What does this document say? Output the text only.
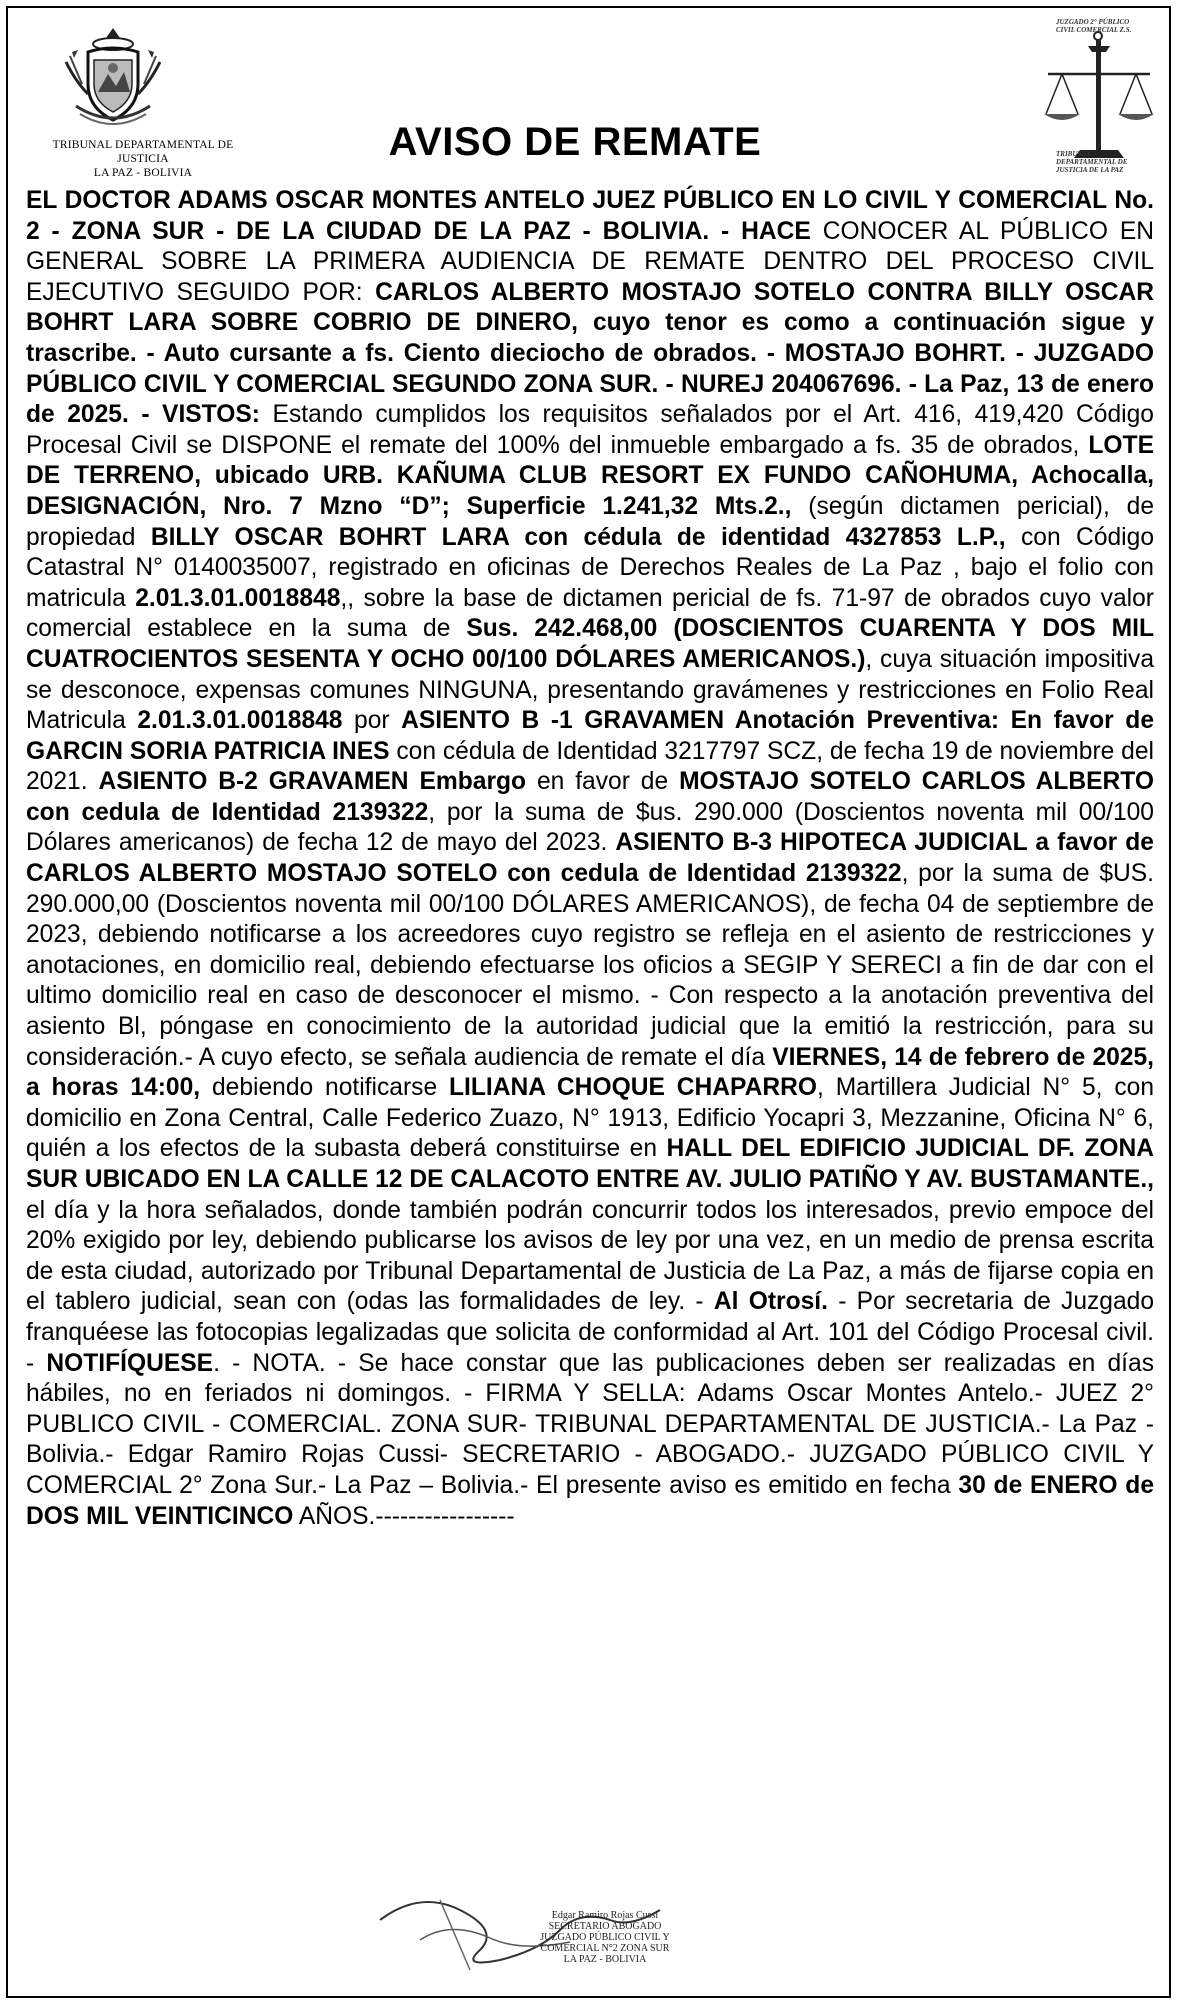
TRIBUNAL DEPARTAMENTAL DE JUSTICIA
LA PAZ - BOLIVIA
JUZGADO 2° PÚBLICO
CIVIL COMERCIAL Z.S.
TRIBUNAL
DEPARTAMENTAL DE
JUSTICIA DE LA PAZ
AVISO DE REMATE
EL DOCTOR ADAMS OSCAR MONTES ANTELO JUEZ PÚBLICO EN LO CIVIL Y COMERCIAL No. 2 - ZONA SUR - DE LA CIUDAD DE LA PAZ - BOLIVIA. - HACE CONOCER AL PÚBLICO EN GENERAL SOBRE LA PRIMERA AUDIENCIA DE REMATE DENTRO DEL PROCESO CIVIL EJECUTIVO SEGUIDO POR: CARLOS ALBERTO MOSTAJO SOTELO CONTRA BILLY OSCAR BOHRT LARA SOBRE COBRIO DE DINERO, cuyo tenor es como a continuación sigue y trascribe. - Auto cursante a fs. Ciento dieciocho de obrados. - MOSTAJO BOHRT. - JUZGADO PÚBLICO CIVIL Y COMERCIAL SEGUNDO ZONA SUR. - NUREJ 204067696. - La Paz, 13 de enero de 2025. - VISTOS: Estando cumplidos los requisitos señalados por el Art. 416, 419,420 Código Procesal Civil se DISPONE el remate del 100% del inmueble embargado a fs. 35 de obrados, LOTE DE TERRENO, ubicado URB. KAÑUMA CLUB RESORT EX FUNDO CAÑOHUMA, Achocalla, DESIGNACIÓN, Nro. 7 Mzno “D”; Superficie 1.241,32 Mts.2., (según dictamen pericial), de propiedad BILLY OSCAR BOHRT LARA con cédula de identidad 4327853 L.P., con Código Catastral N° 0140035007, registrado en oficinas de Derechos Reales de La Paz , bajo el folio con matricula 2.01.3.01.0018848,, sobre la base de dictamen pericial de fs. 71-97 de obrados cuyo valor comercial establece en la suma de Sus. 242.468,00 (DOSCIENTOS CUARENTA Y DOS MIL CUATROCIENTOS SESENTA Y OCHO 00/100 DÓLARES AMERICANOS.), cuya situación impositiva se desconoce, expensas comunes NINGUNA, presentando gravámenes y restricciones en Folio Real Matricula 2.01.3.01.0018848 por ASIENTO B -1 GRAVAMEN Anotación Preventiva: En favor de GARCIN SORIA PATRICIA INES con cédula de Identidad 3217797 SCZ, de fecha 19 de noviembre del 2021. ASIENTO B-2 GRAVAMEN Embargo en favor de MOSTAJO SOTELO CARLOS ALBERTO con cedula de Identidad 2139322, por la suma de $us. 290.000 (Doscientos noventa mil 00/100 Dólares americanos) de fecha 12 de mayo del 2023. ASIENTO B-3 HIPOTECA JUDICIAL a favor de CARLOS ALBERTO MOSTAJO SOTELO con cedula de Identidad 2139322, por la suma de $US. 290.000,00 (Doscientos noventa mil 00/100 DÓLARES AMERICANOS), de fecha 04 de septiembre de 2023, debiendo notificarse a los acreedores cuyo registro se refleja en el asiento de restricciones y anotaciones, en domicilio real, debiendo efectuarse los oficios a SEGIP Y SERECI a fin de dar con el ultimo domicilio real en caso de desconocer el mismo. - Con respecto a la anotación preventiva del asiento Bl, póngase en conocimiento de la autoridad judicial que la emitió la restricción, para su consideración.- A cuyo efecto, se señala audiencia de remate el día VIERNES, 14 de febrero de 2025, a horas 14:00, debiendo notificarse LILIANA CHOQUE CHAPARRO, Martillera Judicial N° 5, con domicilio en Zona Central, Calle Federico Zuazo, N° 1913, Edificio Yocapri 3, Mezzanine, Oficina N° 6, quién a los efectos de la subasta deberá constituirse en HALL DEL EDIFICIO JUDICIAL DF. ZONA SUR UBICADO EN LA CALLE 12 DE CALACOTO ENTRE AV. JULIO PATIÑO Y AV. BUSTAMANTE., el día y la hora señalados, donde también podrán concurrir todos los interesados, previo empoce del 20% exigido por ley, debiendo publicarse los avisos de ley por una vez, en un medio de prensa escrita de esta ciudad, autorizado por Tribunal Departamental de Justicia de La Paz, a más de fijarse copia en el tablero judicial, sean con (odas las formalidades de ley. - Al Otrosí. - Por secretaria de Juzgado franquéese las fotocopias legalizadas que solicita de conformidad al Art. 101 del Código Procesal civil. - NOTIFÍQUESE. - NOTA. - Se hace constar que las publicaciones deben ser realizadas en días hábiles, no en feriados ni domingos. - FIRMA Y SELLA: Adams Oscar Montes Antelo.- JUEZ 2° PUBLICO CIVIL - COMERCIAL. ZONA SUR- TRIBUNAL DEPARTAMENTAL DE JUSTICIA.- La Paz - Bolivia.- Edgar Ramiro Rojas Cussi- SECRETARIO - ABOGADO.- JUZGADO PÚBLICO CIVIL Y COMERCIAL 2° Zona Sur.- La Paz – Bolivia.- El presente aviso es emitido en fecha 30 de ENERO de DOS MIL VEINTICINCO AÑOS.-----------------
Edgar Ramiro Rojas Cussi
SECRETARIO ABOGADO
JUZGADO PÚBLICO CIVIL Y COMERCIAL N°2 ZONA SUR
LA PAZ - BOLIVIA
